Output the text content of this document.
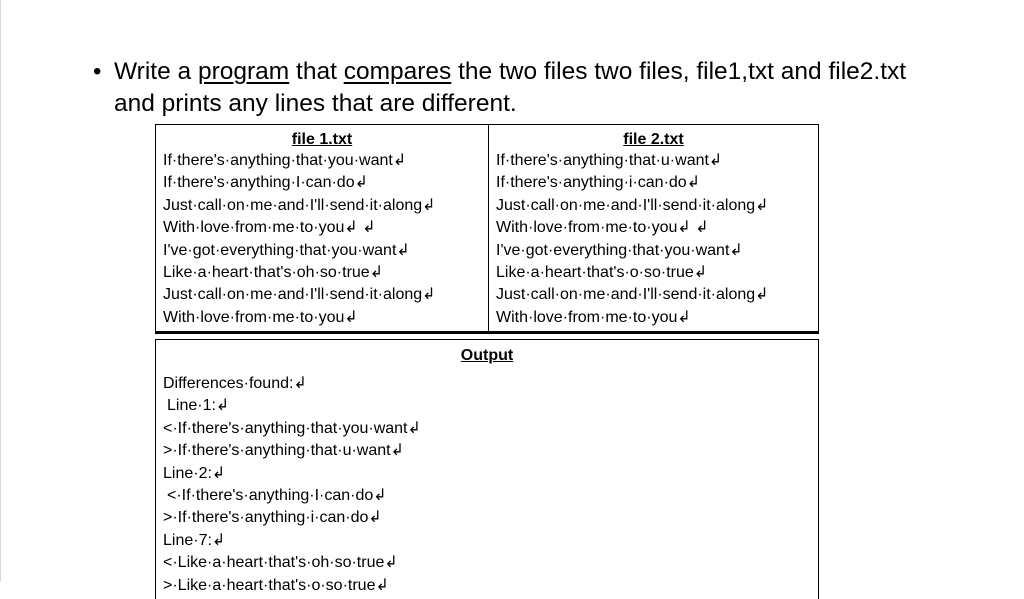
• Write a program that compares the two files two files, file1,txt and file2.txt and prints any lines that are different.
file 1.txt
If·there's·anything·that·you·want↲
If·there's·anything·I·can·do↲
Just·call·on·me·and·I'll·send·it·along↲
With·love·from·me·to·you↲ ↲
I've·got·everything·that·you·want↲
Like·a·heart·that's·oh·so·true↲
Just·call·on·me·and·I'll·send·it·along↲
With·love·from·me·to·you↲
file 2.txt
If·there's·anything·that·u·want↲
If·there's·anything·i·can·do↲
Just·call·on·me·and·I'll·send·it·along↲
With·love·from·me·to·you↲ ↲
I've·got·everything·that·you·want↲
Like·a·heart·that's·o·so·true↲
Just·call·on·me·and·I'll·send·it·along↲
With·love·from·me·to·you↲
Output
Differences·found:↲
Line·1:↲
<·If·there's·anything·that·you·want↲
>·If·there's·anything·that·u·want↲
Line·2:↲
<·If·there's·anything·I·can·do↲
>·If·there's·anything·i·can·do↲
Line·7:↲
<·Like·a·heart·that's·oh·so·true↲
>·Like·a·heart·that's·o·so·true↲
